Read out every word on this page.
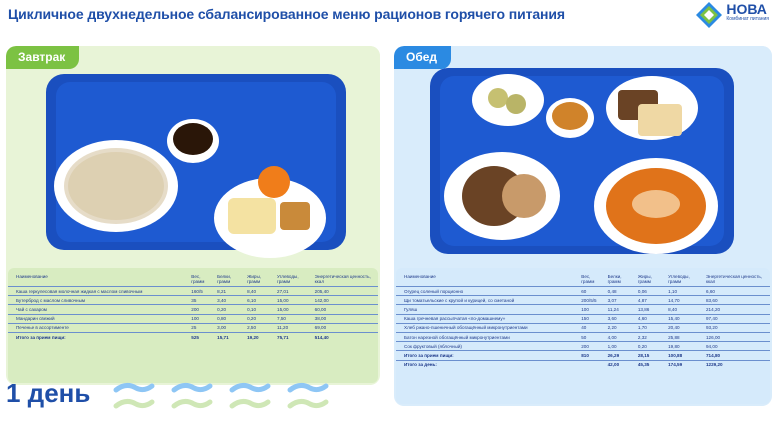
Цикличное двухнедельное сбалансированное меню рационов горячего питания	НОВА
Комбинат питания
Завтрак
Наименование	Вес, грамм	Белки, грамм	Жиры, грамм	Углеводы, грамм	Энергетическая ценность, ккал
Каша геркулесовая молочная жидкая с маслом сливочным	160/5	8,21	8,40	27,01	205,40
Бутерброд с маслом сливочным	35	3,40	6,10	15,00	142,00
Чай с сахаром	200	0,20	0,10	15,00	60,00
Мандарин свежий	100	0,80	0,20	7,50	38,00
Печенье в ассортименте	25	3,00	2,50	11,20	69,00
Итого за прием пищи:	525	15,71	19,20	75,71	514,40
Обед
Наименование	Вес, грамм	Белки, грамм	Жиры, грамм	Углеводы, грамм	Энергетическая ценность, ккал
Огурец соленый порционно	60	0,48	0,06	1,10	6,60
Щи томатьельские с крупой и курицей, со сметаной	200/5/5	3,07	4,87	14,70	83,60
Гуляш	100	11,24	13,86	8,40	214,20
Каша гречневая рассыпчатая «по-домашнему»	150	3,60	4,60	15,40	97,40
Хлеб ржано-пшеничный обогащённый микронутриентами	40	2,20	1,70	20,40	93,20
Батон нарезной обогащённый микронутриентами	50	4,00	2,32	25,88	126,00
Сок фруктовый (яблочный)	200	1,00	0,20	19,80	94,00
Итого за прием пищи:	810	26,29	28,15	100,88	714,80
Итого за день:		42,00	45,35	174,59	1229,20
1 день
